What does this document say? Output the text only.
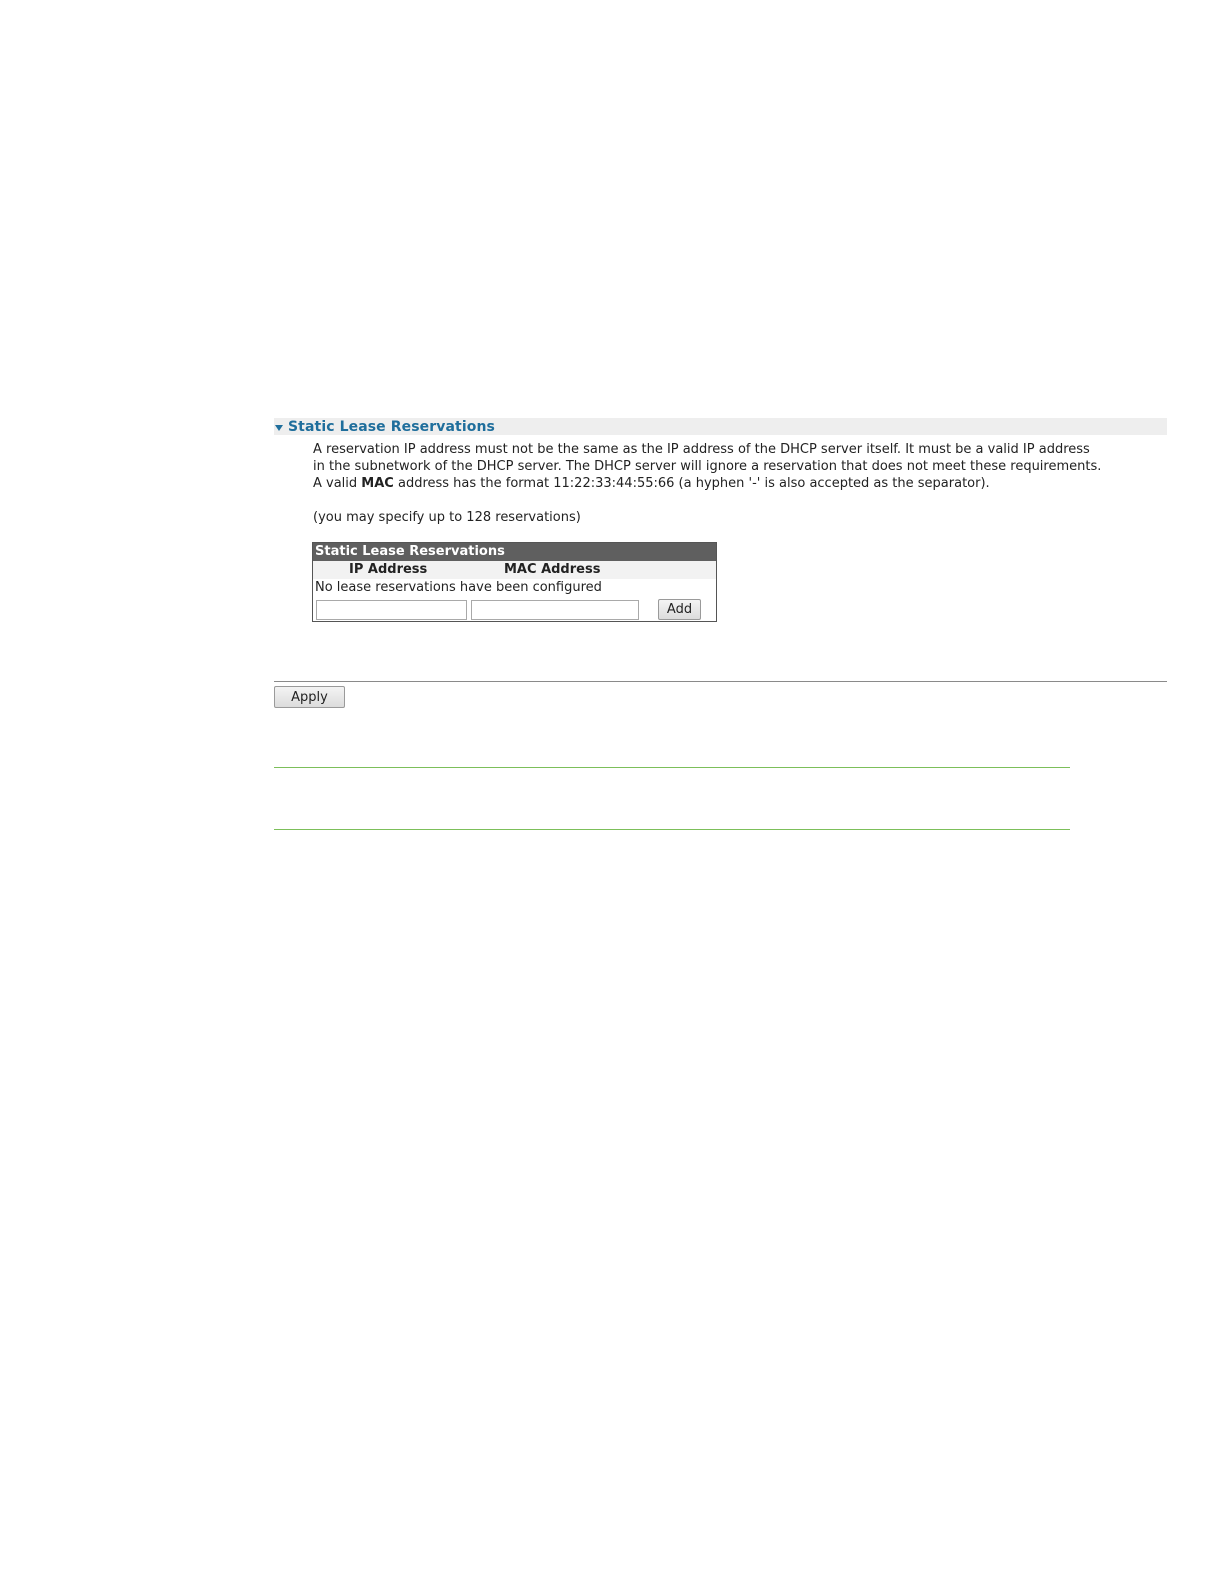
Static Lease Reservations

A reservation IP address must not be the same as the IP address of the DHCP server itself. It must be a valid IP address

in the subnetwork of the DHCP server. The DHCP server will ignore a reservation that does not meet these requirements.

A valid MAC address has the format 11:22:33:44:55:66 (a hyphen '-' is also accepted as the separator).

(you may specify up to 128 reservations)
Static Lease Reservations
IP Address	MAC Address
No lease reservations have been configured
Add
Apply
